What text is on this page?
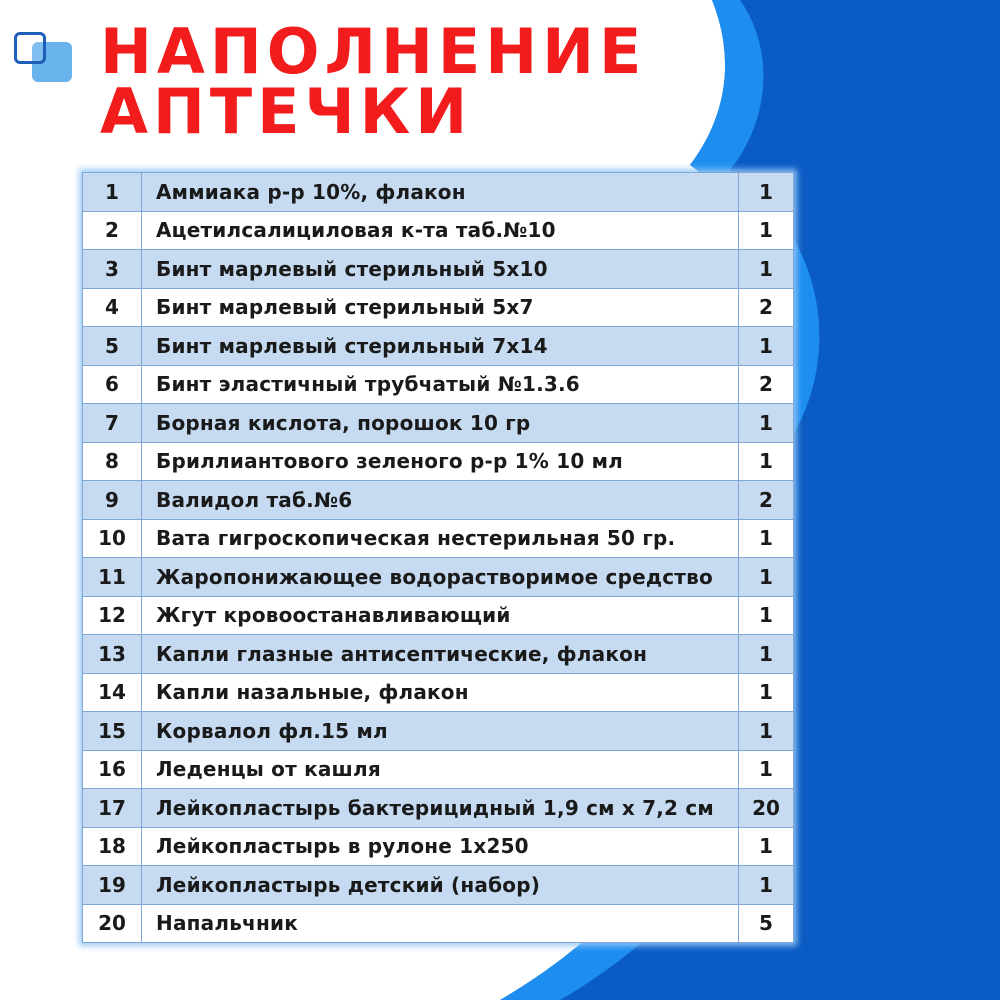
НАПОЛНЕНИЕ
АПТЕЧКИ
1	Аммиака р-р 10%, флакон	1
2	Ацетилсалициловая к-та таб.№10	1
3	Бинт марлевый стерильный 5х10	1
4	Бинт марлевый стерильный 5х7	2
5	Бинт марлевый стерильный 7х14	1
6	Бинт эластичный трубчатый №1.3.6	2
7	Борная кислота, порошок 10 гр	1
8	Бриллиантового зеленого р-р 1% 10 мл	1
9	Валидол таб.№6	2
10	Вата гигроскопическая нестерильная 50 гр.	1
11	Жаропонижающее водорастворимое средство	1
12	Жгут кровоостанавливающий	1
13	Капли глазные антисептические, флакон	1
14	Капли назальные, флакон	1
15	Корвалол фл.15 мл	1
16	Леденцы от кашля	1
17	Лейкопластырь бактерицидный 1,9 см х 7,2 см	20
18	Лейкопластырь в рулоне 1х250	1
19	Лейкопластырь детский (набор)	1
20	Напальчник	5
